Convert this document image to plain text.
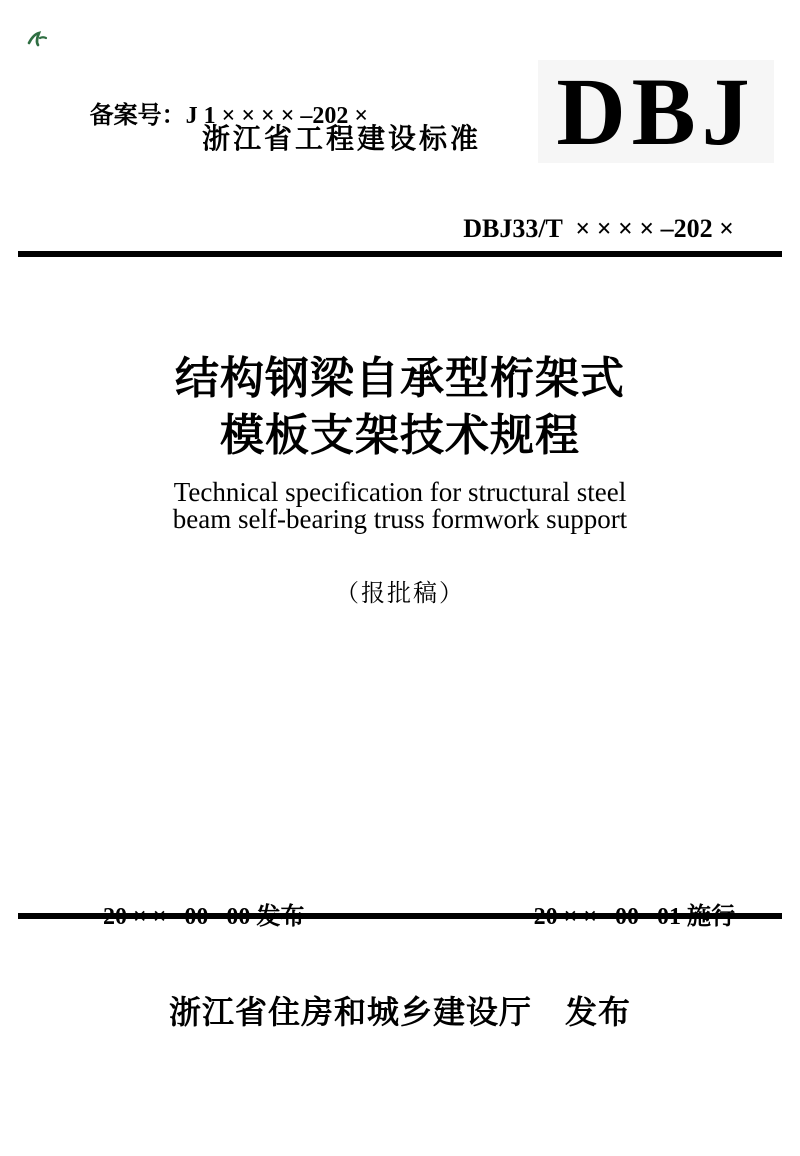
备案号：J 1 × × × × –202 ×
DBJ
浙江省工程建设标准
DBJ33/T  × × × × –202 ×
结构钢梁自承型桁架式
模板支架技术规程
Technical specification for structural steel
beam self-bearing truss formwork support
（报批稿）

浙江省住房和城乡建设厅　发布
